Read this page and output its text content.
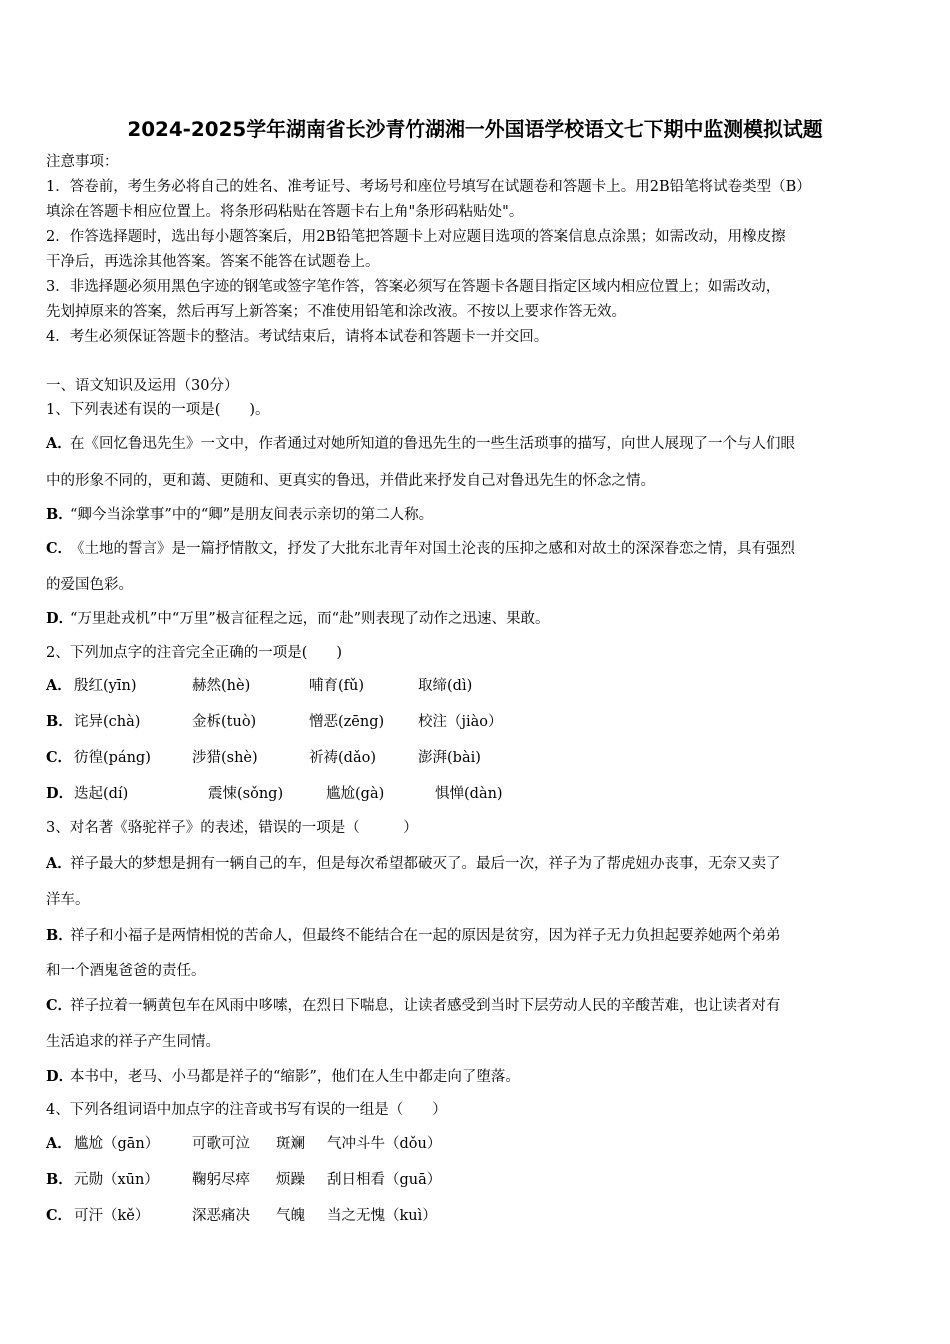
2024-2025学年湖南省长沙青竹湖湘一外国语学校语文七下期中监测模拟试题
注意事项：
1．答卷前，考生务必将自己的姓名、准考证号、考场号和座位号填写在试题卷和答题卡上。用2B铅笔将试卷类型（B）
填涂在答题卡相应位置上。将条形码粘贴在答题卡右上角"条形码粘贴处"。
2．作答选择题时，选出每小题答案后，用2B铅笔把答题卡上对应题目选项的答案信息点涂黑；如需改动，用橡皮擦
干净后，再选涂其他答案。答案不能答在试题卷上。
3．非选择题必须用黑色字迹的钢笔或签字笔作答，答案必须写在答题卡各题目指定区域内相应位置上；如需改动，
先划掉原来的答案，然后再写上新答案；不准使用铅笔和涂改液。不按以上要求作答无效。
4．考生必须保证答题卡的整洁。考试结束后，请将本试卷和答题卡一并交回。
一、语文知识及运用（30分）
1、下列表述有误的一项是(　　)。
A．在《回忆鲁迅先生》一文中，作者通过对她所知道的鲁迅先生的一些生活琐事的描写，向世人展现了一个与人们眼
中的形象不同的，更和蔼、更随和、更真实的鲁迅，并借此来抒发自己对鲁迅先生的怀念之情。
B．“卿今当涂掌事”中的“卿”是朋友间表示亲切的第二人称。
C．《土地的誓言》是一篇抒情散文，抒发了大批东北青年对国土沦丧的压抑之感和对故土的深深眷恋之情，具有强烈
的爱国色彩。
D．“万里赴戎机”中“万里”极言征程之远，而“赴”则表现了动作之迅速、果敢。
2、下列加点字的注音完全正确的一项是(　　)
A． 殷红(yīn)	赫然(hè)	哺育(fǔ)	取缔(dì)
B． 诧异(chà)	金柝(tuò)	憎恶(zēng) 校注（jiào）
C． 彷徨(páng)	涉猎(shè)	祈祷(dǎo)	澎湃(bài)
D． 迭起(dí)	震悚(sǒng)	尴尬(gà)	惧惮(dàn)
3、对名著《骆驼祥子》的表述，错误的一项是（　　　）
A．祥子最大的梦想是拥有一辆自己的车，但是每次希望都破灭了。最后一次，祥子为了帮虎妞办丧事，无奈又卖了
洋车。
B．祥子和小福子是两情相悦的苦命人，但最终不能结合在一起的原因是贫穷，因为祥子无力负担起要养她两个弟弟
和一个酒鬼爸爸的责任。
C．祥子拉着一辆黄包车在风雨中哆嗦，在烈日下喘息，让读者感受到当时下层劳动人民的辛酸苦难，也让读者对有
生活追求的祥子产生同情。
D．本书中，老马、小马都是祥子的“缩影”，他们在人生中都走向了堕落。
4、下列各组词语中加点字的注音或书写有误的一组是（　　）
A． 尴尬（gān） 可歌可泣 斑斓 气冲斗牛（dǒu）
B． 元勋（xūn） 鞠躬尽瘁 烦躁 刮日相看（guā）
C． 可汗（kě）	深恶痛决 气魄 当之无愧（kuì）
